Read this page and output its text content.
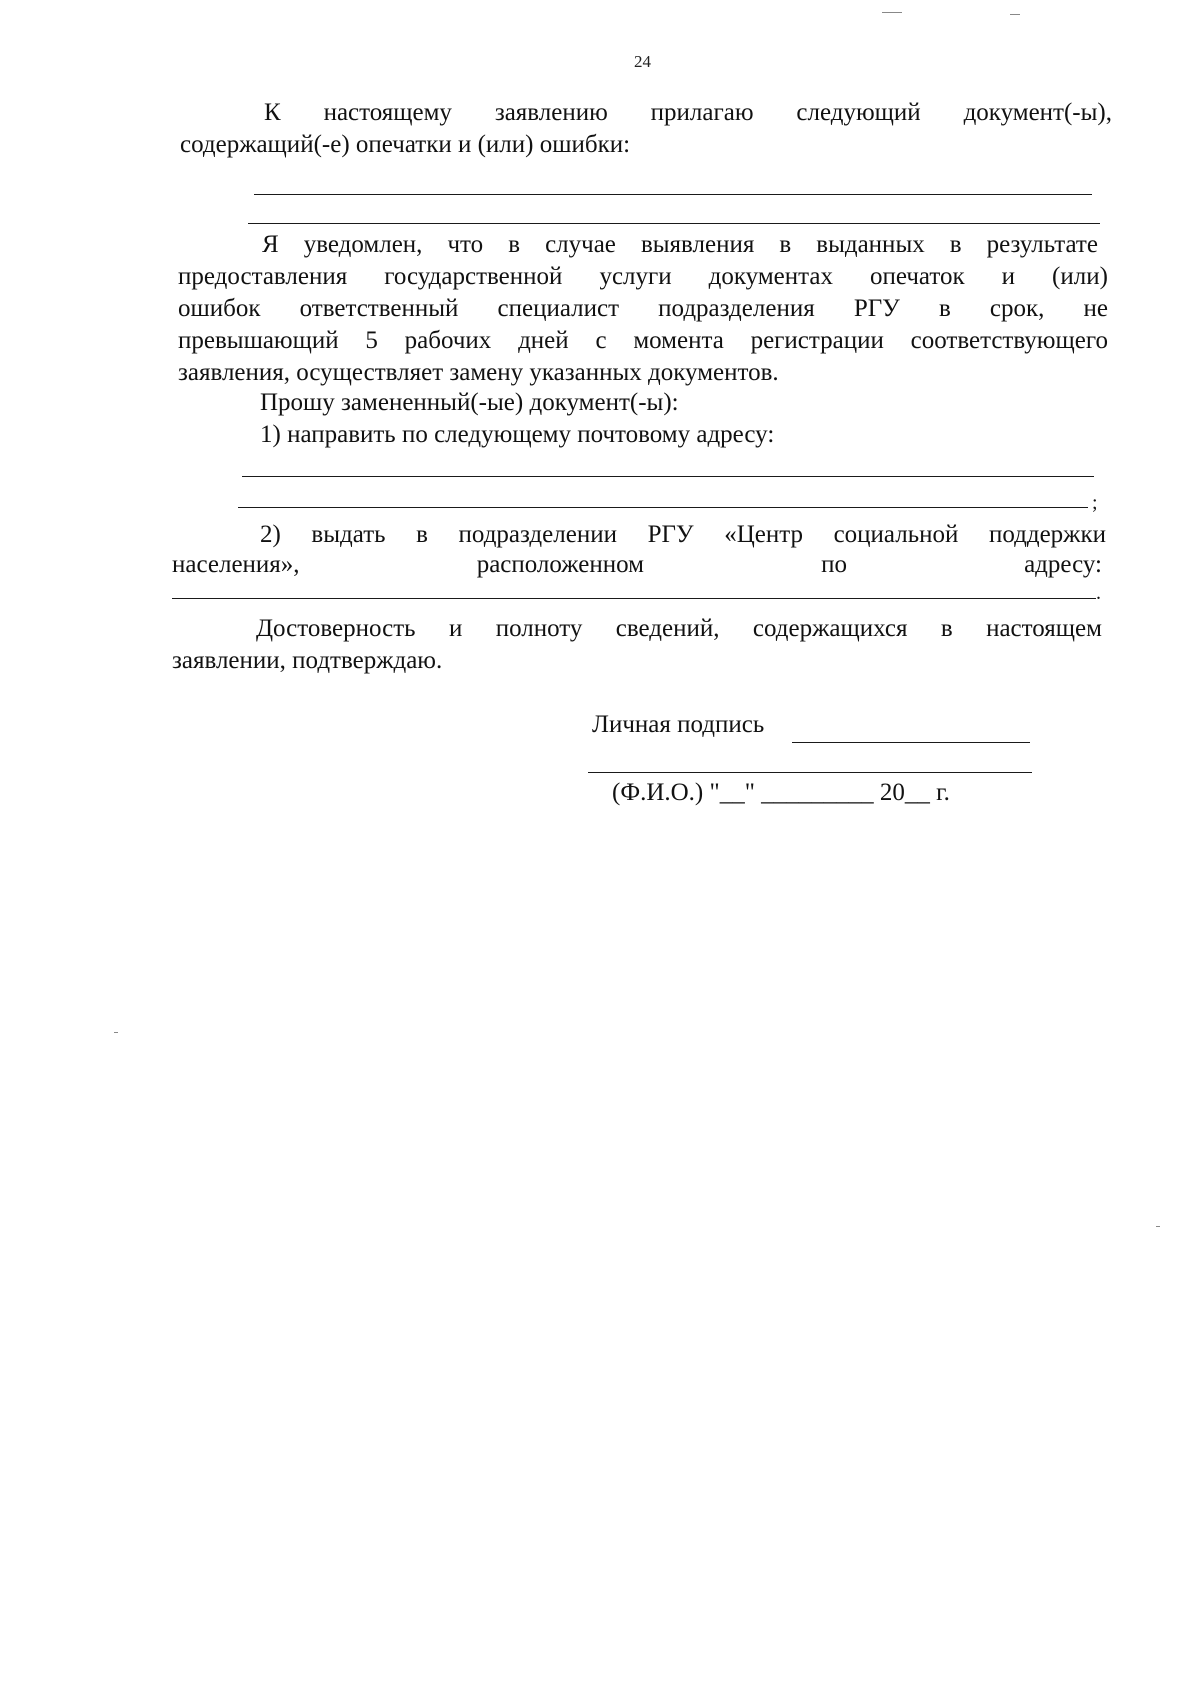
24
К настоящему заявлению прилагаю следующий документ(-ы),
содержащий(-е) опечатки и (или) ошибки:
Я уведомлен, что в случае выявления в выданных в результате
предоставления государственной услуги документах опечаток и (или)
ошибок ответственный специалист подразделения РГУ в срок, не
превышающий 5 рабочих дней с момента регистрации соответствующего
заявления, осуществляет замену указанных документов.
Прошу замененный(-ые) документ(-ы):
1) направить по следующему почтовому адресу:
;
2) выдать в подразделении РГУ «Центр социальной поддержки
населения»,	расположенном	по	адресу:
.
Достоверность и полноту сведений, содержащихся в настоящем
заявлении, подтверждаю.
Личная подпись
(Ф.И.О.) "__" _________ 20__ г.
